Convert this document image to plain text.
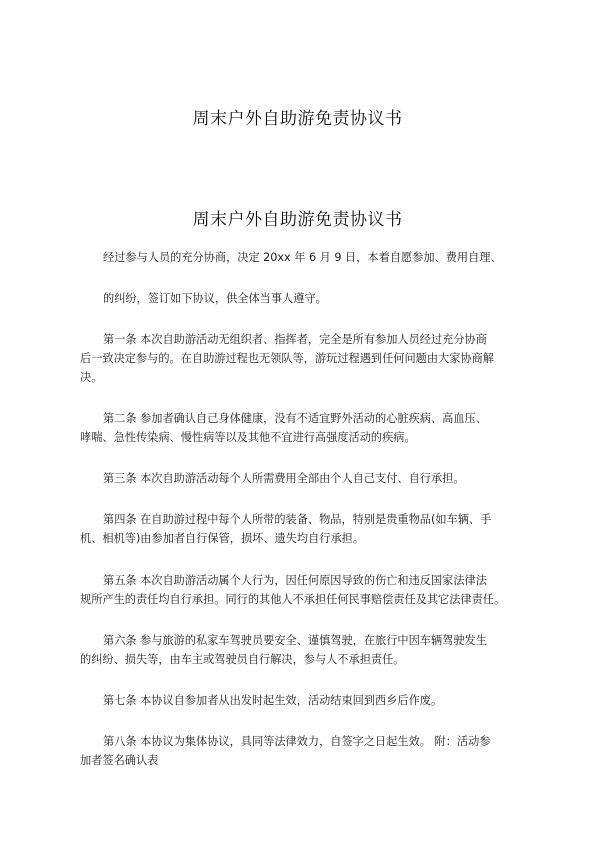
周末户外自助游免责协议书
周末户外自助游免责协议书
经过参与人员的充分协商，决定 20xx 年 6 月 9 日，本着自愿参加、费用自理、
的纠纷，签订如下协议，供全体当事人遵守。
第一条 本次自助游活动无组织者、指挥者，完全是所有参加人员经过充分协商
后一致决定参与的。在自助游过程也无领队等，游玩过程遇到任何问题由大家协商解
决。
第二条 参加者确认自己身体健康，没有不适宜野外活动的心脏疾病、高血压、
哮喘、急性传染病、慢性病等以及其他不宜进行高强度活动的疾病。
第三条 本次自助游活动每个人所需费用全部由个人自己支付、自行承担。
第四条 在自助游过程中每个人所带的装备、物品，特别是贵重物品(如车辆、手
机、相机等)由参加者自行保管，损坏、遗失均自行承担。
第五条 本次自助游活动属个人行为，因任何原因导致的伤亡和违反国家法律法
规所产生的责任均自行承担。同行的其他人不承担任何民事赔偿责任及其它法律责任。
第六条 参与旅游的私家车驾驶员要安全、谨慎驾驶，在旅行中因车辆驾驶发生
的纠纷、损失等，由车主或驾驶员自行解决，参与人不承担责任。
第七条 本协议自参加者从出发时起生效，活动结束回到西乡后作废。
第八条 本协议为集体协议，具同等法律效力，自签字之日起生效。 附：活动参
加者签名确认表
